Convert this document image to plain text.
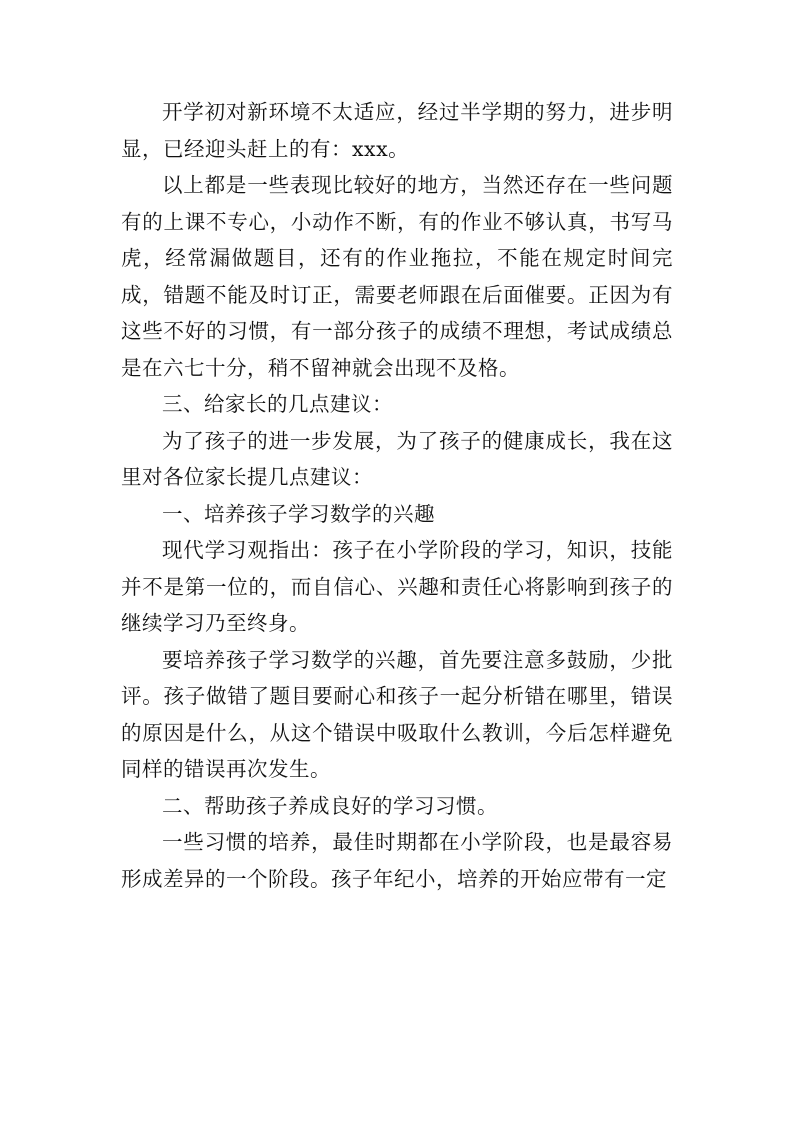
开学初对新环境不太适应，经过半学期的努力，进步明显，已经迎头赶上的有：xxx。

以上都是一些表现比较好的地方，当然还存在一些问题有的上课不专心，小动作不断，有的作业不够认真，书写马虎，经常漏做题目，还有的作业拖拉，不能在规定时间完成，错题不能及时订正，需要老师跟在后面催要。正因为有这些不好的习惯，有一部分孩子的成绩不理想，考试成绩总是在六七十分，稍不留神就会出现不及格。

三、给家长的几点建议：

为了孩子的进一步发展，为了孩子的健康成长，我在这里对各位家长提几点建议：

一、培养孩子学习数学的兴趣

现代学习观指出：孩子在小学阶段的学习，知识，技能并不是第一位的，而自信心、兴趣和责任心将影响到孩子的继续学习乃至终身。

要培养孩子学习数学的兴趣，首先要注意多鼓励，少批评。孩子做错了题目要耐心和孩子一起分析错在哪里，错误的原因是什么，从这个错误中吸取什么教训，今后怎样避免同样的错误再次发生。

二、帮助孩子养成良好的学习习惯。

一些习惯的培养，最佳时期都在小学阶段，也是最容易形成差异的一个阶段。孩子年纪小，培养的开始应带有一定
